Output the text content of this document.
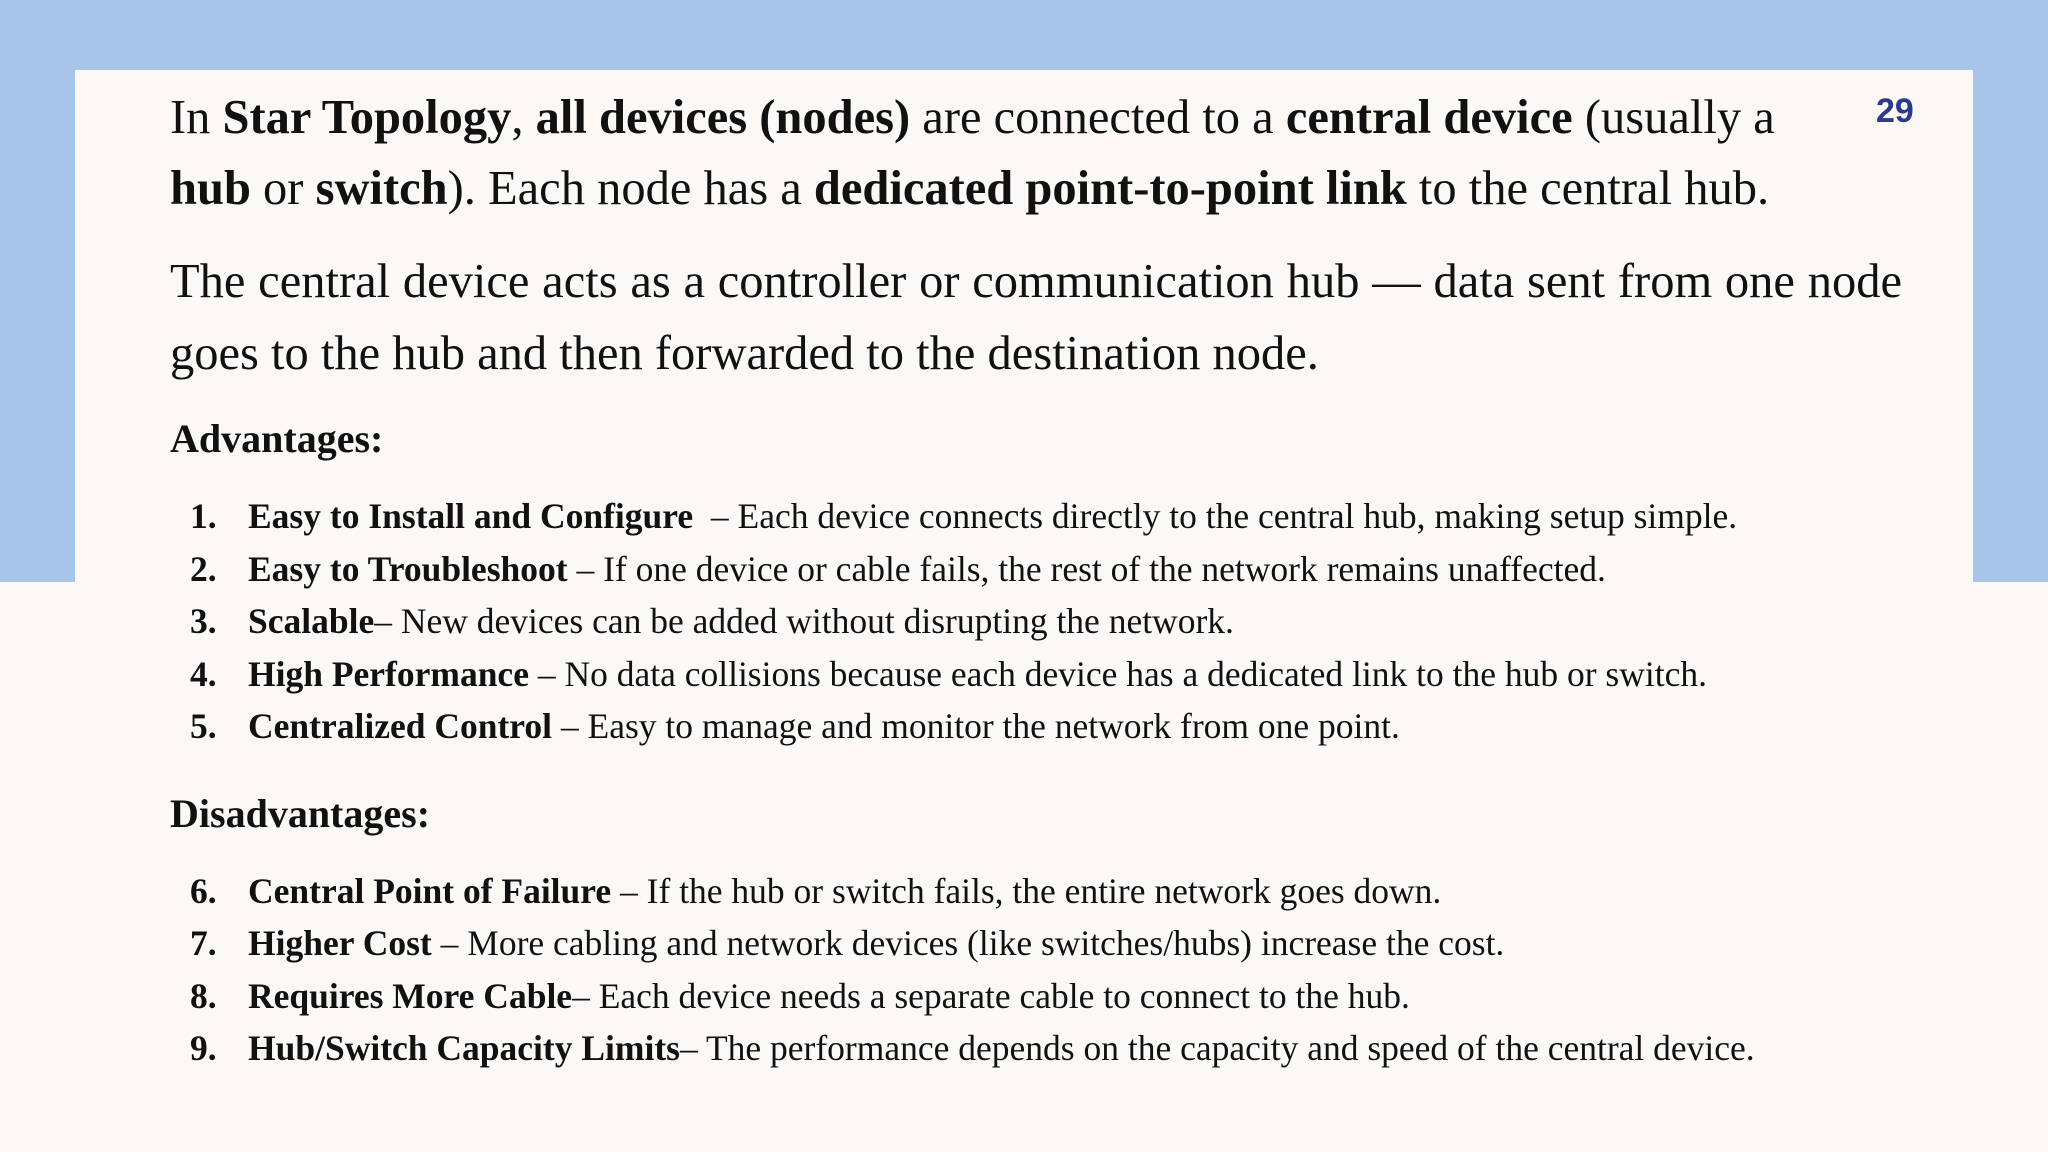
29

In Star Topology, all devices (nodes) are connected to a central device (usually a
hub or switch). Each node has a dedicated point-to-point link to the central hub.

The central device acts as a controller or communication hub — data sent from one node goes to the hub and then forwarded to the destination node.

Advantages:
1. Easy to Install and Configure  – Each device connects directly to the central hub, making setup simple.
2. Easy to Troubleshoot – If one device or cable fails, the rest of the network remains unaffected.
3. Scalable– New devices can be added without disrupting the network.
4. High Performance – No data collisions because each device has a dedicated link to the hub or switch.
5. Centralized Control – Easy to manage and monitor the network from one point.
Disadvantages:
6. Central Point of Failure – If the hub or switch fails, the entire network goes down.
7. Higher Cost – More cabling and network devices (like switches/hubs) increase the cost.
8. Requires More Cable– Each device needs a separate cable to connect to the hub.
9. Hub/Switch Capacity Limits– The performance depends on the capacity and speed of the central device.
